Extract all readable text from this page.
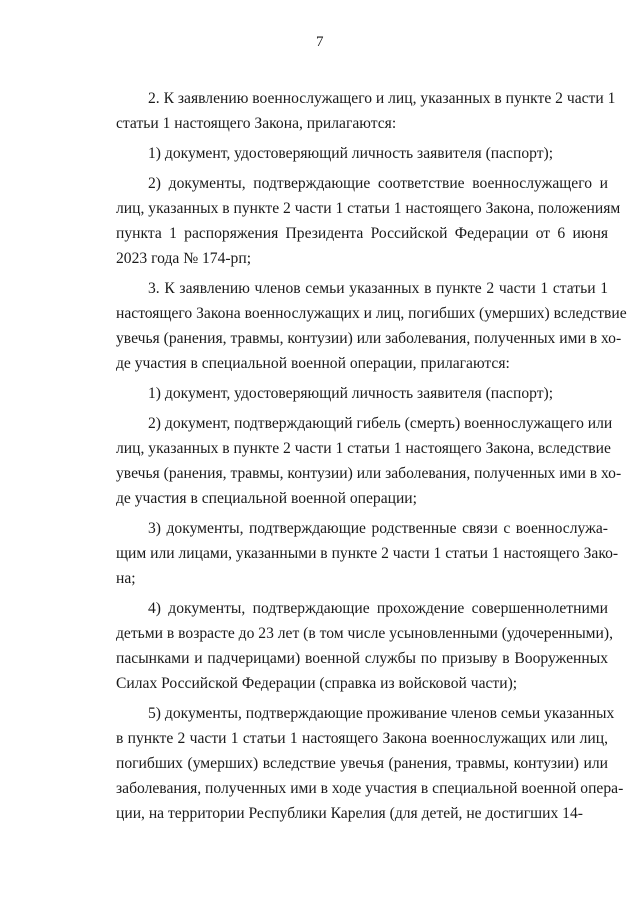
7
2. К заявлению военнослужащего и лиц, указанных в пункте 2 части 1
статьи 1 настоящего Закона, прилагаются:
1) документ, удостоверяющий личность заявителя (паспорт);
2) документы, подтверждающие соответствие военнослужащего и
лиц, указанных в пункте 2 части 1 статьи 1 настоящего Закона, положениям
пункта 1 распоряжения Президента Российской Федерации от 6 июня
2023 года № 174-рп;
3. К заявлению членов семьи указанных в пункте 2 части 1 статьи 1
настоящего Закона военнослужащих и лиц, погибших (умерших) вследствие
увечья (ранения, травмы, контузии) или заболевания, полученных ими в хо-
де участия в специальной военной операции, прилагаются:
1) документ, удостоверяющий личность заявителя (паспорт);
2) документ, подтверждающий гибель (смерть) военнослужащего или
лиц, указанных в пункте 2 части 1 статьи 1 настоящего Закона, вследствие
увечья (ранения, травмы, контузии) или заболевания, полученных ими в хо-
де участия в специальной военной операции;
3) документы, подтверждающие родственные связи с военнослужа-
щим или лицами, указанными в пункте 2 части 1 статьи 1 настоящего Зако-
на;
4) документы, подтверждающие прохождение совершеннолетними
детьми в возрасте до 23 лет (в том числе усыновленными (удочеренными),
пасынками и падчерицами) военной службы по призыву в Вооруженных
Силах Российской Федерации (справка из войсковой части);
5) документы, подтверждающие проживание членов семьи указанных
в пункте 2 части 1 статьи 1 настоящего Закона военнослужащих или лиц,
погибших (умерших) вследствие увечья (ранения, травмы, контузии) или
заболевания, полученных ими в ходе участия в специальной военной опера-
ции, на территории Республики Карелия (для детей, не достигших 14-
